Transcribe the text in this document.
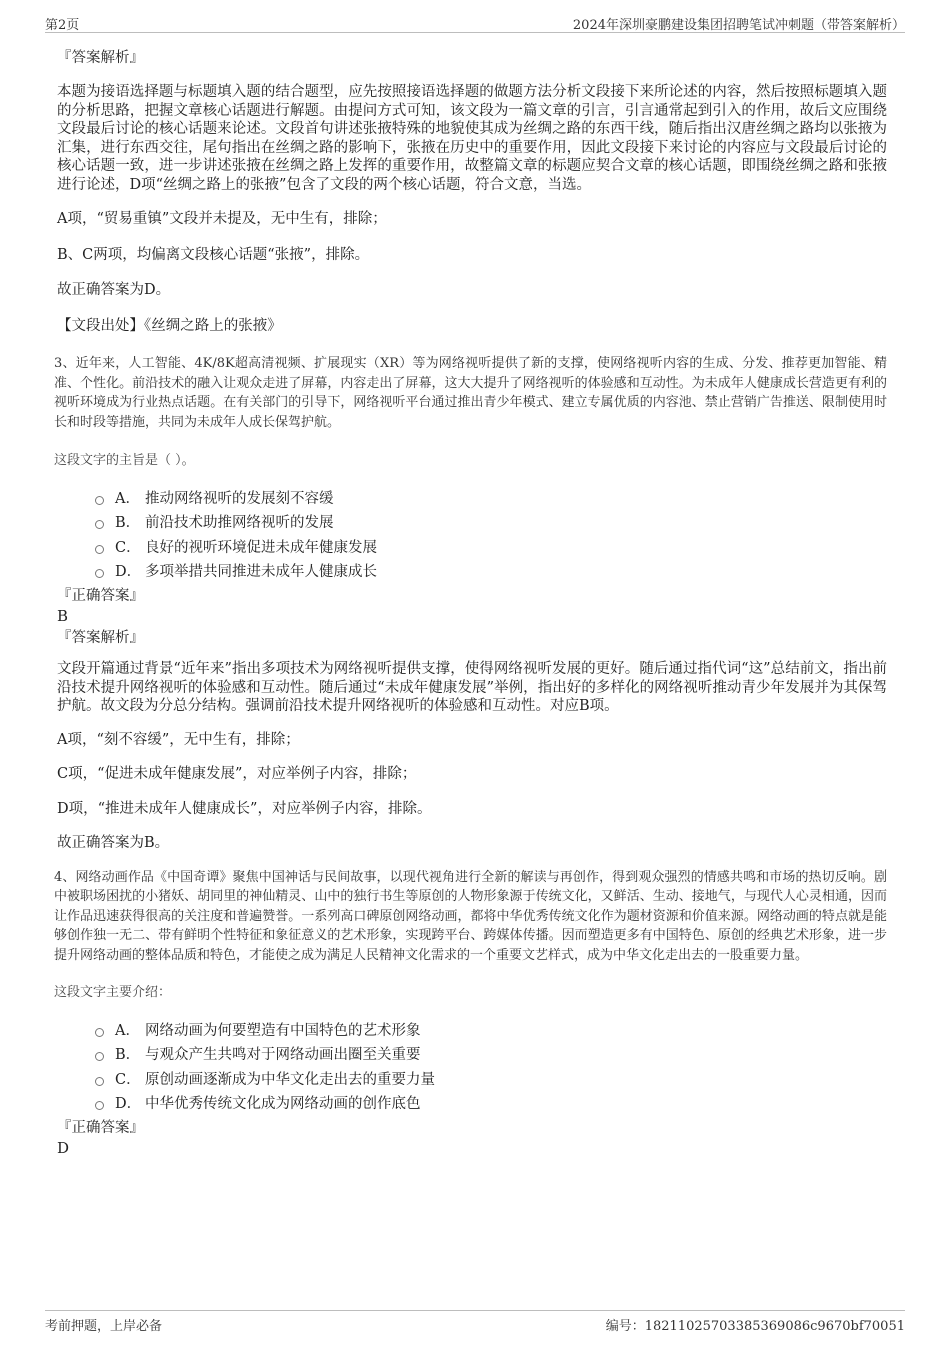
第2页	2024年深圳豪鹏建设集团招聘笔试冲刺题（带答案解析）
『答案解析』

本题为接语选择题与标题填入题的结合题型，应先按照接语选择题的做题方法分析文段接下来所论述的内容，然后按照标题填入题的分析思路，把握文章核心话题进行解题。由提问方式可知，该文段为一篇文章的引言，引言通常起到引入的作用，故后文应围绕文段最后讨论的核心话题来论述。文段首句讲述张掖特殊的地貌使其成为丝绸之路的东西干线，随后指出汉唐丝绸之路均以张掖为汇集，进行东西交往，尾句指出在丝绸之路的影响下，张掖在历史中的重要作用，因此文段接下来讨论的内容应与文段最后讨论的核心话题一致，进一步讲述张掖在丝绸之路上发挥的重要作用，故整篇文章的标题应契合文章的核心话题，即围绕丝绸之路和张掖进行论述，D项“丝绸之路上的张掖”包含了文段的两个核心话题，符合文意，当选。

A项，“贸易重镇”文段并未提及，无中生有，排除；

B、C两项，均偏离文段核心话题“张掖”，排除。

故正确答案为D。

【文段出处】《丝绸之路上的张掖》

3、近年来，人工智能、4K/8K超高清视频、扩展现实（XR）等为网络视听提供了新的支撑，使网络视听内容的生成、分发、推荐更加智能、精准、个性化。前沿技术的融入让观众走进了屏幕，内容走出了屏幕，这大大提升了网络视听的体验感和互动性。为未成年人健康成长营造更有利的视听环境成为行业热点话题。在有关部门的引导下，网络视听平台通过推出青少年模式、建立专属优质的内容池、禁止营销广告推送、限制使用时长和时段等措施，共同为未成年人成长保驾护航。

这段文字的主旨是（ ）。

A． 推动网络视听的发展刻不容缓
B． 前沿技术助推网络视听的发展
C． 良好的视听环境促进未成年健康发展
D． 多项举措共同推进未成年人健康成长
『正确答案』
B
『答案解析』

文段开篇通过背景“近年来”指出多项技术为网络视听提供支撑，使得网络视听发展的更好。随后通过指代词“这”总结前文，指出前沿技术提升网络视听的体验感和互动性。随后通过“未成年健康发展”举例，指出好的多样化的网络视听推动青少年发展并为其保驾护航。故文段为分总分结构。强调前沿技术提升网络视听的体验感和互动性。对应B项。

A项，“刻不容缓”，无中生有，排除；

C项，“促进未成年健康发展”，对应举例子内容，排除；

D项，“推进未成年人健康成长”，对应举例子内容，排除。

故正确答案为B。

4、网络动画作品《中国奇谭》聚焦中国神话与民间故事，以现代视角进行全新的解读与再创作，得到观众强烈的情感共鸣和市场的热切反响。剧中被职场困扰的小猪妖、胡同里的神仙精灵、山中的独行书生等原创的人物形象源于传统文化，又鲜活、生动、接地气，与现代人心灵相通，因而让作品迅速获得很高的关注度和普遍赞誉。一系列高口碑原创网络动画，都将中华优秀传统文化作为题材资源和价值来源。网络动画的特点就是能够创作独一无二、带有鲜明个性特征和象征意义的艺术形象，实现跨平台、跨媒体传播。因而塑造更多有中国特色、原创的经典艺术形象，进一步提升网络动画的整体品质和特色，才能使之成为满足人民精神文化需求的一个重要文艺样式，成为中华文化走出去的一股重要力量。

这段文字主要介绍：

A． 网络动画为何要塑造有中国特色的艺术形象
B． 与观众产生共鸣对于网络动画出圈至关重要
C． 原创动画逐渐成为中华文化走出去的重要力量
D． 中华优秀传统文化成为网络动画的创作底色
『正确答案』
D
考前押题，上岸必备	编号：18211025703385369086c9670bf70051
